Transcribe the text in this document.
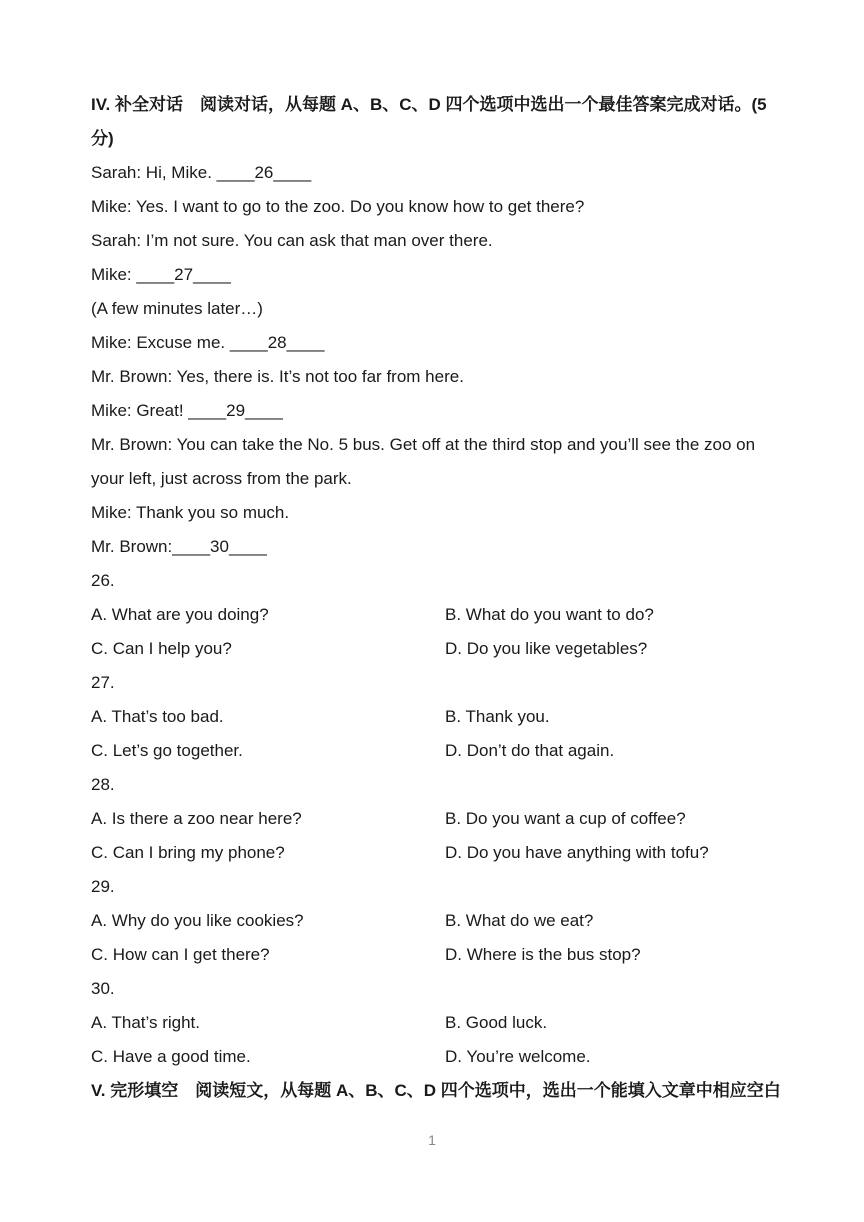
IV. 补全对话　阅读对话，从每题 A、B、C、D 四个选项中选出一个最佳答案完成对话。(5 分)

Sarah: Hi, Mike. ____26____

Mike: Yes. I want to go to the zoo. Do you know how to get there?

Sarah: I’m not sure. You can ask that man over there.

Mike: ____27____

(A few minutes later…)

Mike: Excuse me. ____28____

Mr. Brown: Yes, there is. It’s not too far from here.

Mike: Great! ____29____

Mr. Brown: You can take the No. 5 bus. Get off at the third stop and you’ll see the zoo on your left, just across from the park.

Mike: Thank you so much.

Mr. Brown:____30____

26.

A. What are you doing?	B. What do you want to do?
C. Can I help you?	D. Do you like vegetables?

27.

A. That’s too bad.	B. Thank you.
C. Let’s go together.	D. Don’t do that again.

28.

A. Is there a zoo near here?	B. Do you want a cup of coffee?
C. Can I bring my phone?	D. Do you have anything with tofu?

29.

A. Why do you like cookies?	B. What do we eat?
C. How can I get there?	D. Where is the bus stop?

30.

A. That’s right.	B. Good luck.
C. Have a good time.	D. You’re welcome.

V. 完形填空　阅读短文，从每题 A、B、C、D 四个选项中，选出一个能填入文章中相应空白

1
